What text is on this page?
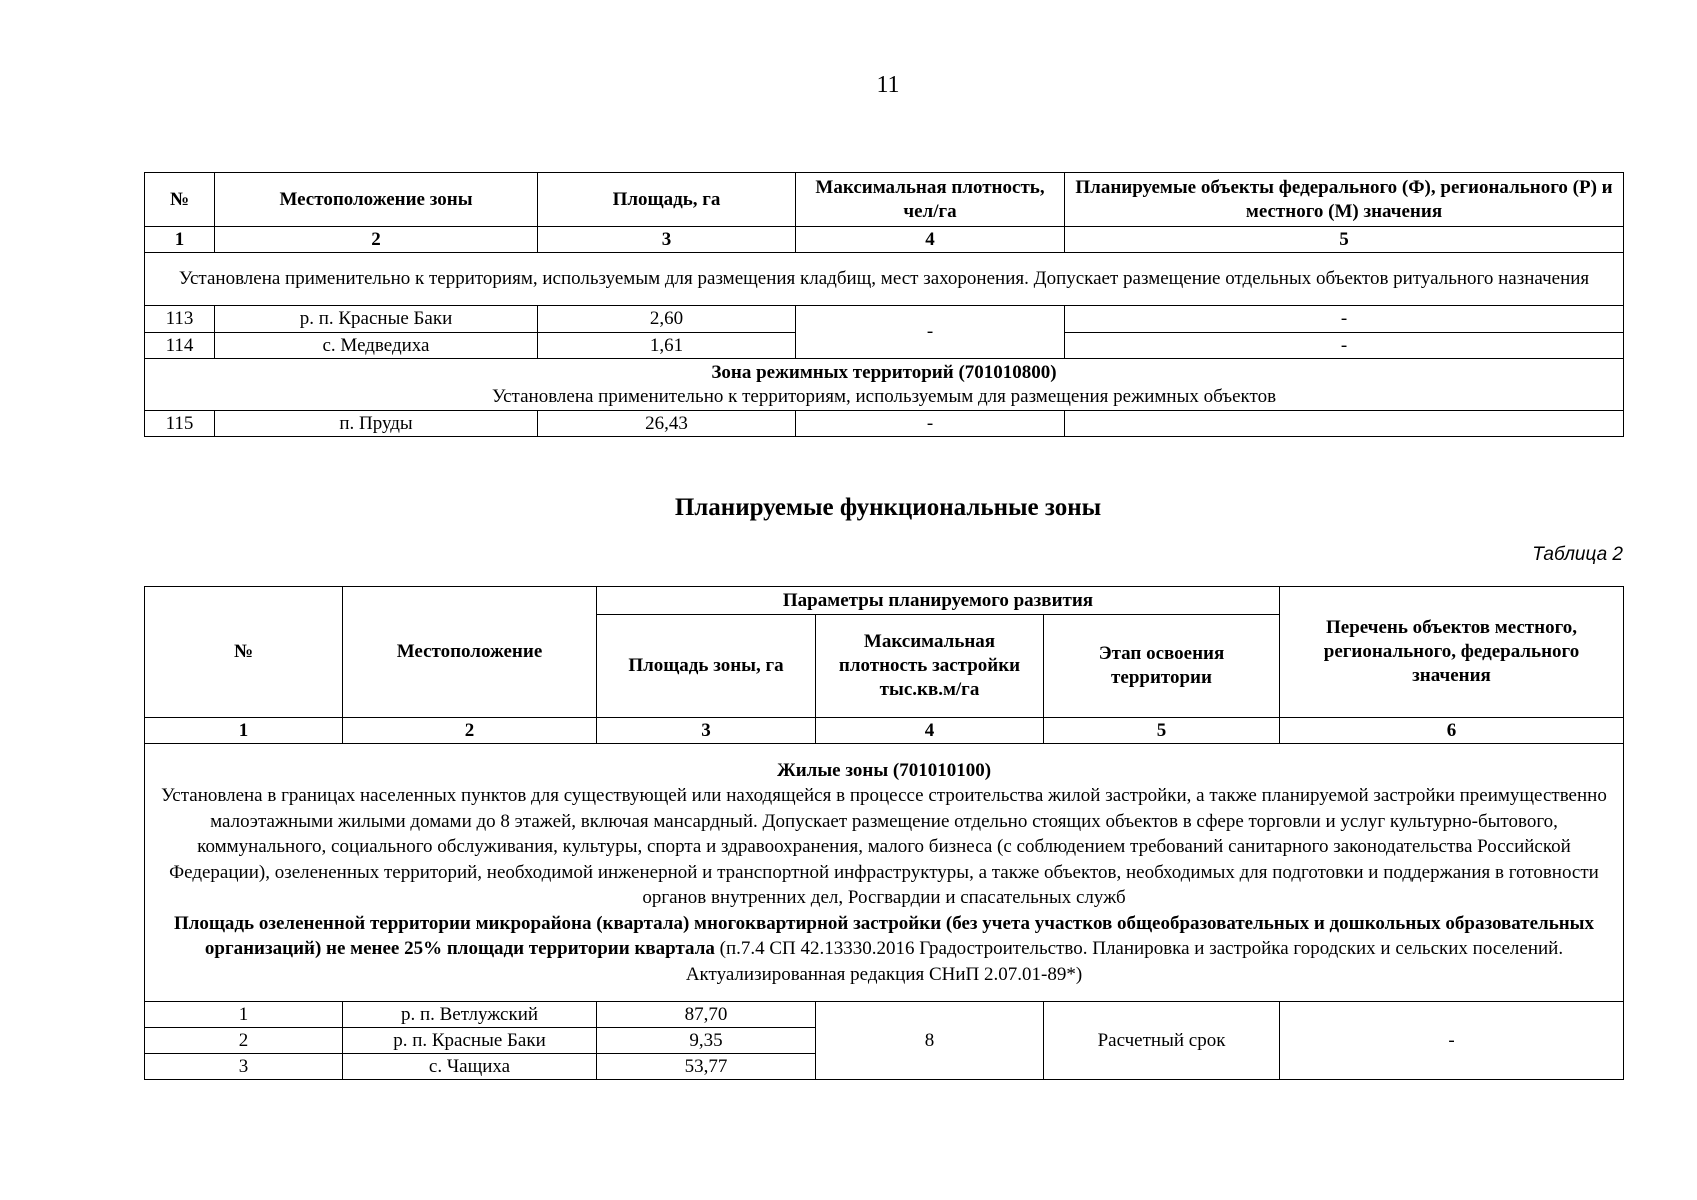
11
№	Местоположение зоны	Площадь, га	Максимальная плотность, чел/га	Планируемые объекты федерального (Ф), регионального (Р) и местного (М) значения
1	2	3	4	5
Установлена применительно к территориям, используемым для размещения кладбищ, мест захоронения. Допускает размещение отдельных объектов ритуального назначения				
113	р. п. Красные Баки	2,60	-	-
114	с. Медведиха	1,61		-

Зона режимных территорий (701010800)
Установлена применительно к территориям, используемым для размещения режимных объектов				

115	п. Пруды	26,43	-	
Планируемые функциональные зоны
Таблица 2
№	Местоположение	Параметры планируемого развития			Перечень объектов местного, регионального, федерального значения
		Площадь зоны, га	Максимальная плотность застройки тыс.кв.м/га	Этап освоения территории	
1	2	3	4	5	6

Жилые зоны (701010100)
Установлена в границах населенных пунктов для существующей или находящейся в процессе строительства жилой застройки, а также планируемой застройки преимущественно малоэтажными жилыми домами до 8 этажей, включая мансардный. Допускает размещение отдельно стоящих объектов в сфере торговли и услуг культурно-бытового, коммунального, социального обслуживания, культуры, спорта и здравоохранения, малого бизнеса (с соблюдением требований санитарного законодательства Российской Федерации), озелененных территорий, необходимой инженерной и транспортной инфраструктуры, а также объектов, необходимых для подготовки и поддержания в готовности органов внутренних дел, Росгвардии и спасательных служб
Площадь озелененной территории микрорайона (квартала) многоквартирной застройки (без учета участков общеобразовательных и дошкольных образовательных организаций) не менее 25% площади территории квартала (п.7.4 СП 42.13330.2016 Градостроительство. Планировка и застройка городских и сельских поселений. Актуализированная редакция СНиП 2.07.01-89*)					

1	р. п. Ветлужский	87,70	8	Расчетный срок	-
2	р. п. Красные Баки	9,35			
3	с. Чащиха	53,77			
